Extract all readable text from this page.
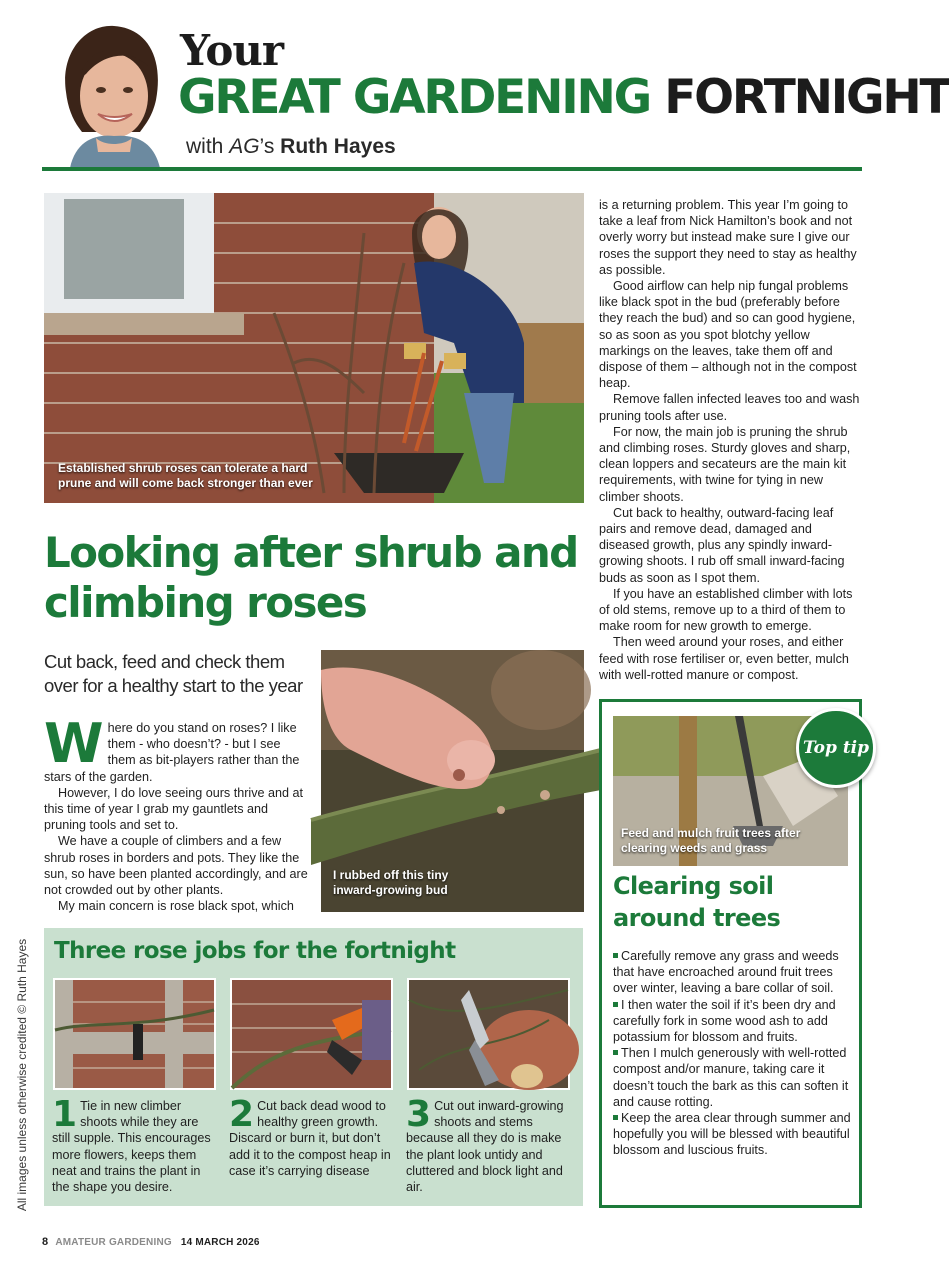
Your
GREAT GARDENING FORTNIGHT
with AG’s Ruth Hayes
Established shrub roses can tolerate a hard
prune and will come back stronger than ever
Looking after shrub and climbing roses
Cut back, feed and check them over for a healthy start to the year
I rubbed off this tiny
inward-growing bud

Where do you stand on roses? I like them - who doesn’t? - but I see them as bit-players rather than the stars of the garden.

However, I do love seeing ours thrive and at this time of year I grab my gauntlets and pruning tools and set to.

We have a couple of climbers and a few shrub roses in borders and pots. They like the sun, so have been planted accordingly, and are not crowded out by other plants.

My main concern is rose black spot, which

is a returning problem. This year I’m going to take a leaf from Nick Hamilton’s book and not overly worry but instead make sure I give our roses the support they need to stay as healthy as possible.

Good airflow can help nip fungal problems like black spot in the bud (preferably before they reach the bud) and so can good hygiene, so as soon as you spot blotchy yellow markings on the leaves, take them off and dispose of them – although not in the compost heap.

Remove fallen infected leaves too and wash pruning tools after use.

For now, the main job is pruning the shrub and climbing roses. Sturdy gloves and sharp, clean loppers and secateurs are the main kit requirements, with twine for tying in new climber shoots.

Cut back to healthy, outward-facing leaf pairs and remove dead, damaged and diseased growth, plus any spindly inward-growing shoots. I rub off small inward-facing buds as soon as I spot them.

If you have an established climber with lots of old stems, remove up to a third of them to make room for new growth to emerge.

Then weed around your roses, and either feed with rose fertiliser or, even better, mulch with well-rotted manure or compost.

Three rose jobs for the fortnight
1 Tie in new climber shoots while they are still supple. This encourages more flowers, keeps them neat and trains the plant in the shape you desire.
2 Cut back dead wood to healthy green growth. Discard or burn it, but don’t add it to the compost heap in case it’s carrying disease
3 Cut out inward-growing shoots and stems because all they do is make the plant look untidy and cluttered and block light and air.
Feed and mulch fruit trees after
clearing weeds and grass
Top tip
Clearing soil around trees
Carefully remove any grass and weeds that have encroached around fruit trees over winter, leaving a bare collar of soil.
I then water the soil if it’s been dry and carefully fork in some wood ash to add potassium for blossom and fruits.
Then I mulch generously with well-rotted compost and/or manure, taking care it doesn’t touch the bark as this can soften it and cause rotting.
Keep the area clear through summer and hopefully you will be blessed with beautiful blossom and luscious fruits.
All images unless otherwise credited © Ruth Hayes
8 AMATEUR GARDENING 14 MARCH 2026
